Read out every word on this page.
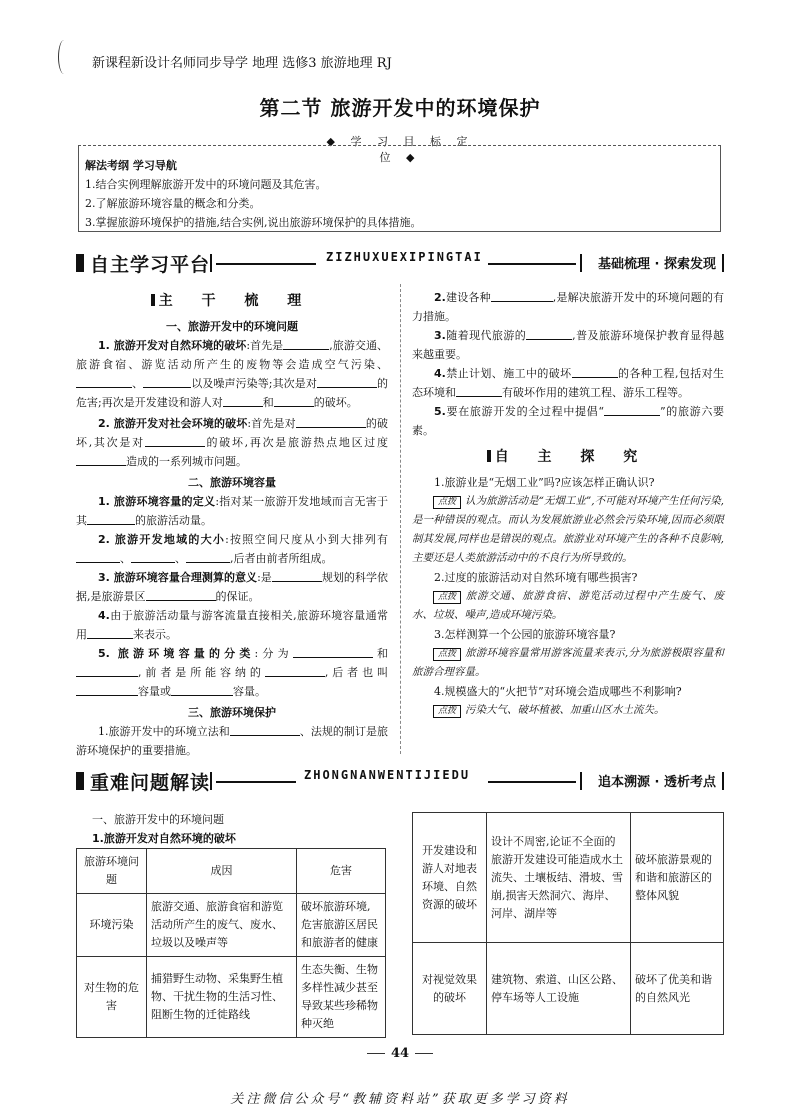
新课程新设计名师同步导学 地理 选修3 旅游地理 RJ
第二节 旅游开发中的环境保护
◆ 学 习 目 标 定 位 ◆
解法考纲 学习导航
1.结合实例理解旅游开发中的环境问题及其危害。
2.了解旅游环境容量的概念和分类。
3.掌握旅游环境保护的措施,结合实例,说出旅游环境保护的具体措施。
自主学习平台	ZIZHUXUEXIPINGTAI	基础梳理 · 探索发现
主 干 梳 理
一、旅游开发中的环境问题
1. 旅游开发对自然环境的破坏:首先是	,旅游交通、旅游食宿、游览活动所产生的废物等会造成空气污染、、	以及噪声污染等;其次是对	的危害;再次是开发建设和游人对	和	的破坏。
2. 旅游开发对社会环境的破坏:首先是对	的破坏,其次是对	的破坏,再次是旅游热点地区过度造成的一系列城市问题。
二、旅游环境容量
1. 旅游环境容量的定义:指对某一旅游开发地域而言无害于其	的旅游活动量。
2. 旅游开发地域的大小:按照空间尺度从小到大排列有、	、	,后者由前者所组成。
3. 旅游环境容量合理测算的意义:是	规划的科学依据,是旅游景区	的保证。
4.由于旅游活动量与游客流量直接相关,旅游环境容量通常用	来表示。
5. 旅游环境容量的分类:分为	和,前者是所能容纳的	,后者也叫容量或	容量。
三、旅游环境保护
1.旅游开发中的环境立法和	、法规的制订是旅游环境保护的重要措施。
2.建设各种	,是解决旅游开发中的环境问题的有力措施。
3.随着现代旅游的	,普及旅游环境保护教育显得越来越重要。
4.禁止计划、施工中的破坏	的各种工程,包括对生态环境和	有破坏作用的建筑工程、游乐工程等。
5.要在旅游开发的全过程中提倡“	”的旅游六要素。
自 主 探 究
1.旅游业是“无烟工业”吗?应该怎样正确认识?
点拨 认为旅游活动是“无烟工业”,不可能对环境产生任何污染,是一种错误的观点。而认为发展旅游业必然会污染环境,因而必须限制其发展,同样也是错误的观点。旅游业对环境产生的各种不良影响,主要还是人类旅游活动中的不良行为所导致的。
2.过度的旅游活动对自然环境有哪些损害?
点拨 旅游交通、旅游食宿、游览活动过程中产生废气、废水、垃圾、噪声,造成环境污染。
3.怎样测算一个公园的旅游环境容量?
点拨 旅游环境容量常用游客流量来表示,分为旅游极限容量和旅游合理容量。
4.规模盛大的“火把节”对环境会造成哪些不利影响?
点拨 污染大气、破坏植被、加重山区水土流失。
重难问题解读	ZHONGNANWENTIJIEDU	追本溯源 · 透析考点
一、旅游开发中的环境问题
1.旅游开发对自然环境的破坏
旅游环境问题	成因	危害
环境污染	旅游交通、旅游食宿和游览活动所产生的废气、废水、垃圾以及噪声等	破坏旅游环境,危害旅游区居民和旅游者的健康
对生物的危害	捕猎野生动物、采集野生植物、干扰生物的生活习性、阻断生物的迁徙路线	生态失衡、生物多样性减少甚至导致某些珍稀物种灭绝
开发建设和游人对地表环境、自然资源的破坏	设计不周密,论证不全面的旅游开发建设可能造成水土流失、土壤板结、滑坡、雪崩,损害天然洞穴、海岸、河岸、湖岸等	破坏旅游景观的和谐和旅游区的整体风貌
对视觉效果的破坏	建筑物、索道、山区公路、停车场等人工设施	破坏了优美和谐的自然风光
44
关注微信公众号“教辅资料站”获取更多学习资料
